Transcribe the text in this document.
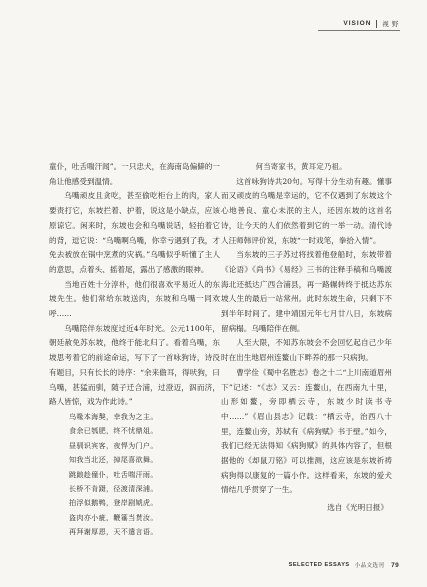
VISION 视 野

童仆，吐舌喘汗闻”。一只忠犬，在海南岛偏僻的一角让他感受到温情。

乌嘴顽皮且贪吃，甚至偷吃柜台上的肉，家人要责打它，东坡拦着、护着，说这是小缺点，应该原谅它。闲来时，东坡也会和乌嘴说话，轻拍着它的背，逗它说：“乌嘴啊乌嘴，你幸亏遇到了我，才免去被放在锅中烹煮的灾祸。”乌嘴似乎听懂了主人的意思，点着头、摇着尾，露出了感激的眼神。

当地百姓十分淳朴，他们很喜欢平易近人的东坡先生。他们常给东坡送肉，东坡和乌嘴一同欢呼……

乌嘴陪伴东坡度过近4年时光。公元1100年，朝廷赦免苏东坡，他终于能北归了。看着乌嘴，东坡思考着它的前途命运，写下了一首咏狗诗，诗没有题目，只有长长的诗序：“余来儋耳，得吠狗，曰乌嘴，甚猛而驯，随子迁合浦，过澄迈，泅而济，路人皆惊，戏为作此诗。”

乌喙本海獒，幸我为之主。
食余已瓠肥，终不忧鼎俎。
昼驯识宾客，夜悍为门户。
知我当北还，掉尾喜欲舞。
跳踉趁僮仆，吐舌喘汗雨。
长桥不肯蹑，径渡清深浦。
拍浮似鹅鸭，登岸剧虓虎。
盗肉亦小疵，鞭箠当贳汝。
再拜谢厚恩，天不遣言语。

何当寄家书，黄耳定乃祖。

这首咏狗诗共20句。写得十分生动有趣。懂事而又顽皮的乌嘴是幸运的，它不仅遇到了东坡这个心地善良、童心未泯的主人，还因东坡的这首名诗，让今天的人们依然着到它的一举一动。清代诗人汪师韩评价说，东坡“一时戏笔，拳拾入情”。

当东坡的三子苏过将找着他登船时，东坡带着《论语》《尚书》《易经》三书的注释手稿和乌嘴渡海北还抵达广西合浦县，再一路辗转终于抵达苏东坡人生的最后一站常州。此时东坡生命，只剩下不到半年时间了。建中靖国元年七月廿八日，东坡病留病榻。乌嘴陪伴在侧。

人至大限，不知苏东坡会不会回忆起自己少年时在出生地眉州连鳌山下畔养的那一只病狗。

曹学佺《蜀中名胜志》卷之十二“上川南道眉州下”记述：“《志》又云：连鳌山，在西南九十里，山形如鳌，旁即栖云寺，东坡少时读书寺中……”《眉山县志》记载：“栖云寺，治西八十里，连鳌山旁，苏轼有《病狗赋》书于壁。”如今，我们已经无法得知《病狗赋》的具体内容了，但根据他的《却鼠刀铭》可以推测，这应该是东坡祈祷病狗得以康复的一篇小作。这样看来，东坡的爱犬情结几乎贯穿了一生。

选自《光明日报》

SELECTED ESSAYS 小品文选刊 79
